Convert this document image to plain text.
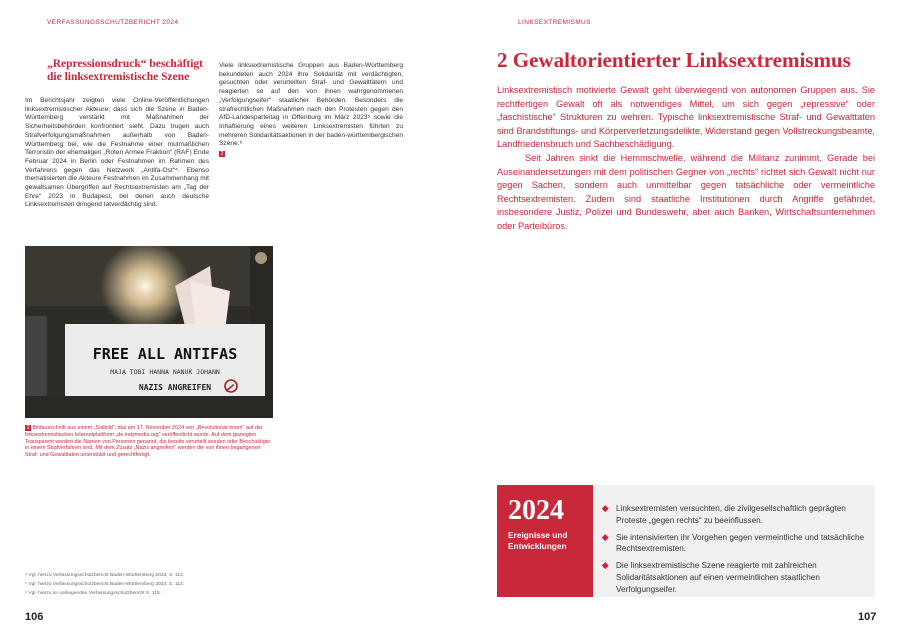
VERFASSUNGSSCHUTZBERICHT 2024
„Repressionsdruck“ beschäftigt
die linksextremistische Szene
Im Berichtsjahr zeigten viele Online-Veröffentlichungen linksextremistischer Akteure, dass sich die Szene in Baden-Württemberg verstärkt mit Maßnahmen der Sicherheitsbehörden konfrontiert sieht. Dazu trugen auch Strafverfolgungsmaßnahmen außerhalb von Baden-Württemberg bei, wie die Festnahme einer mutmaßlichen Terroristin der ehemaligen „Roten Armee Fraktion“ (RAF) Ende Februar 2024 in Berlin oder Festnahmen im Rahmen des Verfahrens gegen das Netzwerk „Antifa-Ost“⁴. Ebenso thematisierten die Akteure Festnahmen im Zusammenhang mit gewaltsamen Übergriffen auf Rechtsextremisten am „Tag der Ehre“ 2023 in Budapest, bei denen auch deutsche Linksextremisten dringend tatverdächtig sind.
Viele linksextremistische Gruppen aus Baden-Württemberg bekundeten auch 2024 ihre Solidarität mit verdächtigten, gesuchten oder verurteilten Straf- und Gewalttätern und reagierten so auf den von ihnen wahrgenommenen „Verfolgungseifer“ staatlicher Behörden. Besonders die strafrechtlichen Maßnahmen nach den Protesten gegen den AfD-Landesparteitag in Offenburg im März 2023⁵ sowie die Inhaftierung eines weiteren Linksextremisten führten zu mehreren Solidaritätsaktionen in der baden-württembergischen Szene.⁶
2
FREE ALL ANTIFAS
MAJA TOBI HANNA NANUK JOHANN
NAZIS ANGREIFEN
2 Bildausschnitt aus einem „Solibild“, das am 17. November 2024 von „Revolutionär:innen“ auf der linksextremistischen Internetplattform „de.indymedia.org“ veröffentlicht wurde. Auf dem gezeigten Transparent werden die Namen von Personen genannt, die bereits verurteilt wurden oder Beschuldigte in einem Strafverfahren sind. Mit dem Zusatz „Nazis angreifen!“ werden die von ihnen begangenen Straf- und Gewalttaten unterstützt und gerechtfertigt.
⁴ Vgl. hierzu Verfassungsschutzbericht Baden-Württemberg 2023, S. 113.
⁵ Vgl. hierzu Verfassungsschutzbericht Baden-Württemberg 2023, S. 112.
⁶ Vgl. hierzu im vorliegenden Verfassungsschutzbericht S. 115.
106
LINKSEXTREMISMUS
2 Gewaltorientierter Linksextremismus

Linksextremistisch motivierte Gewalt geht überwiegend von autonomen Gruppen aus. Sie rechtfertigen Gewalt oft als notwendiges Mittel, um sich gegen „repressive“ oder „faschistische“ Strukturen zu wehren. Typische linksextremistische Straf- und Gewalttaten sind Brandstiftungs- und Körperverletzungsdelikte, Widerstand gegen Vollstreckungsbeamte, Landfriedensbruch und Sachbeschädigung.

Seit Jahren sinkt die Hemmschwelle, während die Militanz zunimmt. Gerade bei Auseinandersetzungen mit dem politischen Gegner von „rechts“ richtet sich Gewalt nicht nur gegen Sachen, sondern auch unmittelbar gegen tatsächliche oder vermeintliche Rechtsextremisten. Zudem sind staatliche Institutionen durch Angriffe gefährdet, insbesondere Justiz, Polizei und Bundeswehr, aber auch Banken, Wirtschaftsunternehmen oder Parteibüros.

2024
Ereignisse und Entwicklungen
Linksextremisten versuchten, die zivilgesellschaftlich geprägten Proteste „gegen rechts“ zu beeinflussen.
Sie intensivierten ihr Vorgehen gegen vermeintliche und tatsächliche Rechtsextremisten.
Die linksextremistische Szene reagierte mit zahlreichen Solidaritätsaktionen auf einen vermeintlichen staatlichen Verfolgungseifer.
107
